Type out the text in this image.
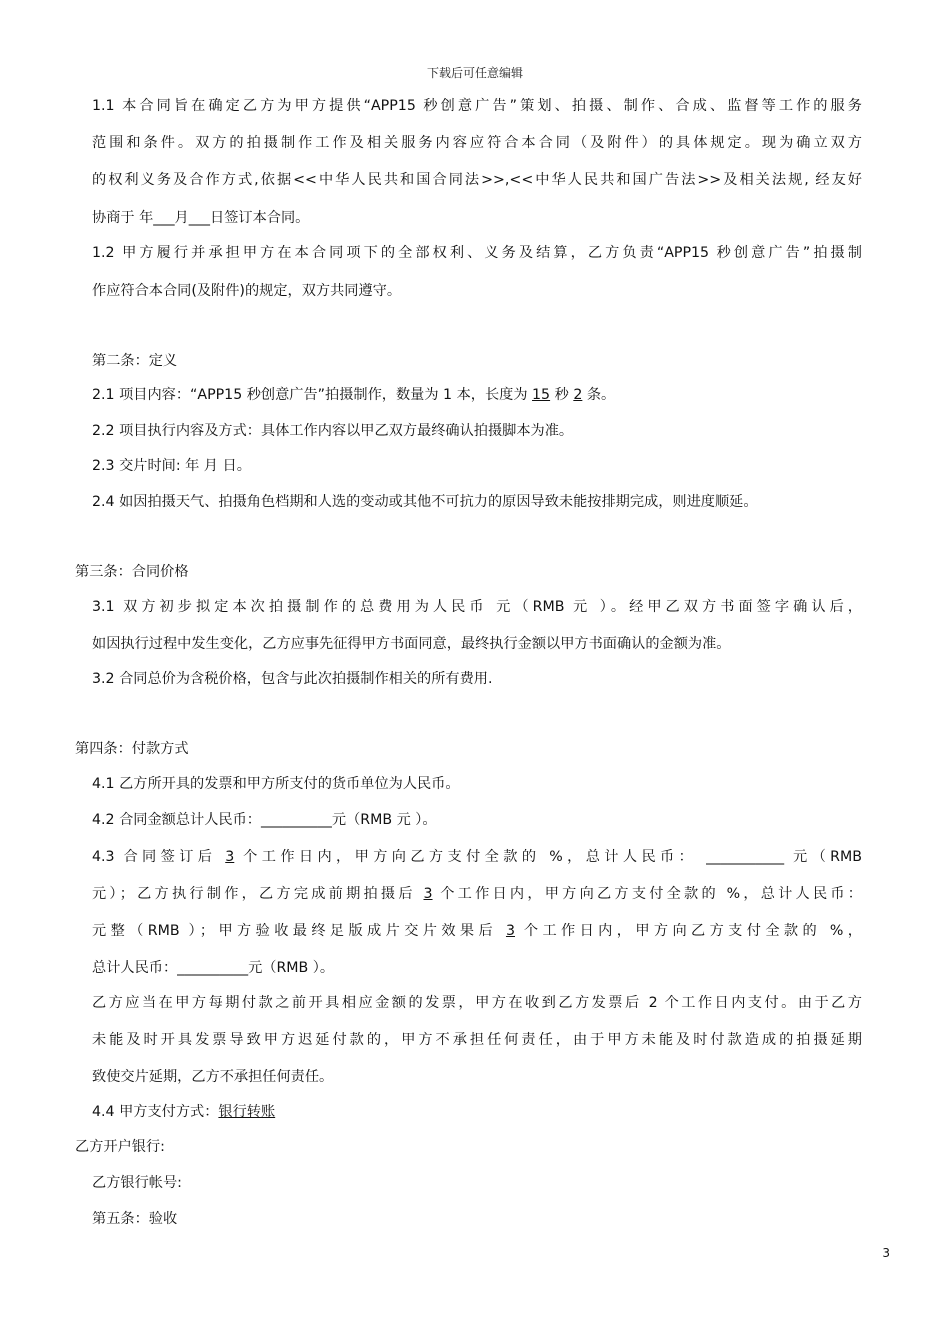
下载后可任意编辑
1.1 本合同旨在确定乙方为甲方提供“APP15 秒创意广告”策划、拍摄、制作、合成、监督等工作的服务
范围和条件。双方的拍摄制作工作及相关服务内容应符合本合同（及附件）的具体规定。现为确立双方
的权利义务及合作方式,依据<<中华人民共和国合同法>>,<<中华人民共和国广告法>>及相关法规, 经友好
协商于 年___月___日签订本合同。
1.2 甲方履行并承担甲方在本合同项下的全部权利、义务及结算，乙方负责“APP15 秒创意广告”拍摄制
作应符合本合同(及附件)的规定，双方共同遵守。
第二条：定义
2.1 项目内容：“APP15 秒创意广告”拍摄制作，数量为 1 本，长度为 15 秒 2 条。
2.2 项目执行内容及方式：具体工作内容以甲乙双方最终确认拍摄脚本为准。
2.3 交片时间: 年 月 日。
2.4 如因拍摄天气、拍摄角色档期和人选的变动或其他不可抗力的原因导致未能按排期完成，则进度顺延。
第三条：合同价格
3.1 双方初步拟定本次拍摄制作的总费用为人民币 元（RMB 元 ）。经甲乙双方书面签字确认后，
如因执行过程中发生变化，乙方应事先征得甲方书面同意，最终执行金额以甲方书面确认的金额为准。
3.2 合同总价为含税价格，包含与此次拍摄制作相关的所有费用.
第四条：付款方式
4.1 乙方所开具的发票和甲方所支付的货币单位为人民币。
4.2 合同金额总计人民币：__________元（RMB 元 ）。
4.3 合同签订后 3 个工作日内，甲方向乙方支付全款的 %，总计人民币： ___________ 元（RMB
元）；乙方执行制作，乙方完成前期拍摄后 3 个工作日内，甲方向乙方支付全款的 %，总计人民币：
元整（RMB ）；甲方验收最终足版成片交片效果后 3 个工作日内，甲方向乙方支付全款的 %，
总计人民币：__________元（RMB ）。
乙方应当在甲方每期付款之前开具相应金额的发票，甲方在收到乙方发票后 2 个工作日内支付。由于乙方
未能及时开具发票导致甲方迟延付款的，甲方不承担任何责任，由于甲方未能及时付款造成的拍摄延期
致使交片延期，乙方不承担任何责任。
4.4 甲方支付方式：银行转账
乙方开户银行:
乙方银行帐号:
第五条：验收
3
